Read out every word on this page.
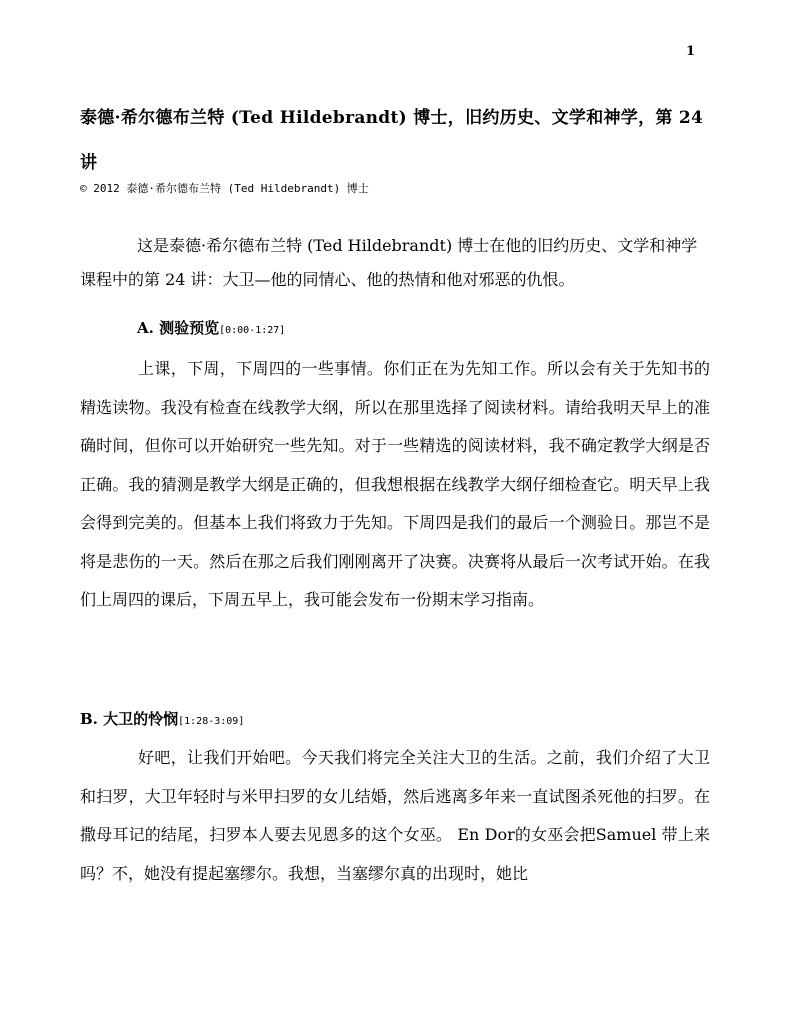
1
泰德·希尔德布兰特 (Ted Hildebrandt) 博士，旧约历史、文学和神学，第 24 讲
© 2012 泰德·希尔德布兰特 (Ted Hildebrandt) 博士
这是泰德·希尔德布兰特 (Ted Hildebrandt) 博士在他的旧约历史、文学和神学课程中的第 24 讲：大卫—他的同情心、他的热情和他对邪恶的仇恨。
A. 测验预览[0:00-1:27]
上课，下周，下周四的一些事情。你们正在为先知工作。所以会有关于先知书的精选读物。我没有检查在线教学大纲，所以在那里选择了阅读材料。请给我明天早上的准确时间，但你可以开始研究一些先知。对于一些精选的阅读材料，我不确定教学大纲是否正确。我的猜测是教学大纲是正确的，但我想根据在线教学大纲仔细检查它。明天早上我会得到完美的。但基本上我们将致力于先知。下周四是我们的最后一个测验日。那岂不是将是悲伤的一天。然后在那之后我们刚刚离开了决赛。决赛将从最后一次考试开始。在我们上周四的课后，下周五早上，我可能会发布一份期末学习指南。
B. 大卫的怜悯[1:28-3:09]
好吧，让我们开始吧。今天我们将完全关注大卫的生活。之前，我们介绍了大卫和扫罗，大卫年轻时与米甲扫罗的女儿结婚，然后逃离多年来一直试图杀死他的扫罗。在撒母耳记的结尾，扫罗本人要去见恩多的这个女巫。 En Dor的女巫会把Samuel 带上来吗？不，她没有提起塞缪尔。我想，当塞缪尔真的出现时，她比
